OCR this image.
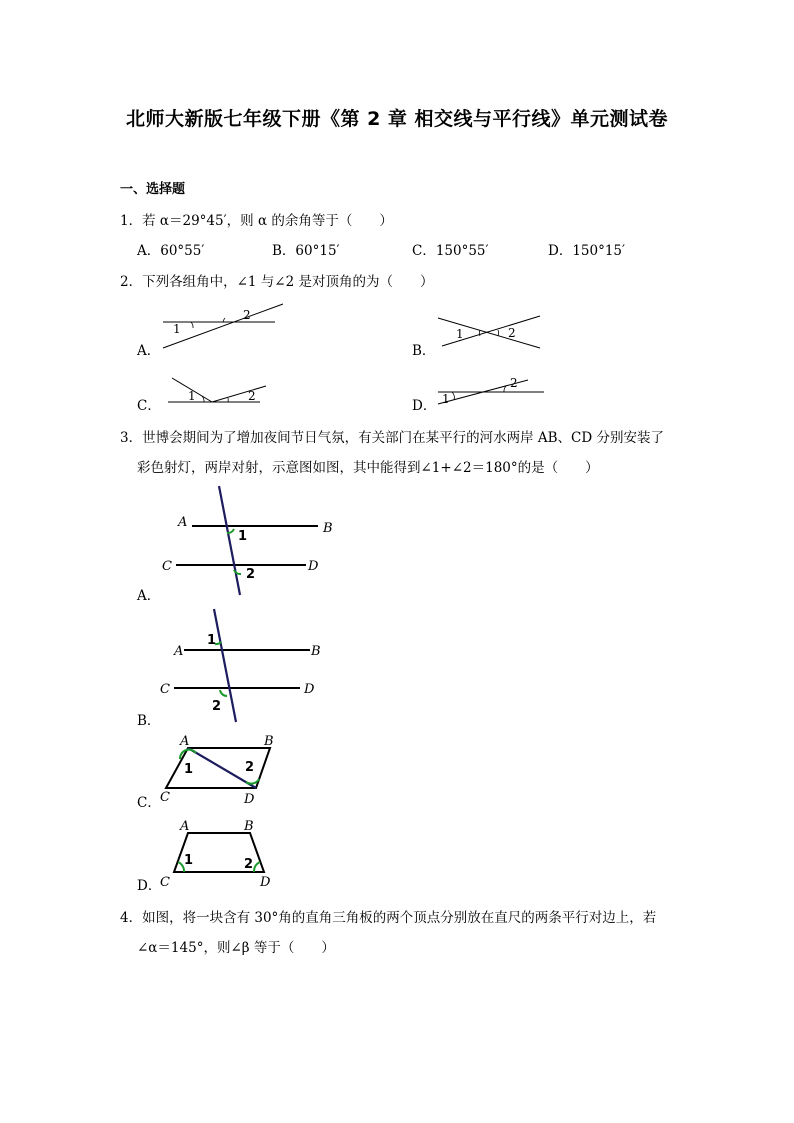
北师大新版七年级下册《第 2 章 相交线与平行线》单元测试卷
一、选择题
1．若 α＝29°45′，则 α 的余角等于（　　）
A．60°55′	B．60°15′	C．150°55′	D．150°15′
2．下列各组角中，∠1 与∠2 是对顶角的为（　　）
A．
1
2
B．
1	2
C．
1	2
D． 1
2
3．世博会期间为了增加夜间节日气氛，有关部门在某平行的河水两岸 AB、CD 分别安装了
彩色射灯，两岸对射，示意图如图，其中能得到∠1+∠2＝180°的是（　　）
A．
A	B
C	D
1
2
B．
A	B
C	D
1
2
C．
A	B
C	D
1	2
D．
A	B
C	D
1	2
4．如图，将一块含有 30°角的直角三角板的两个顶点分别放在直尺的两条平行对边上，若
∠α＝145°，则∠β 等于（　　）
